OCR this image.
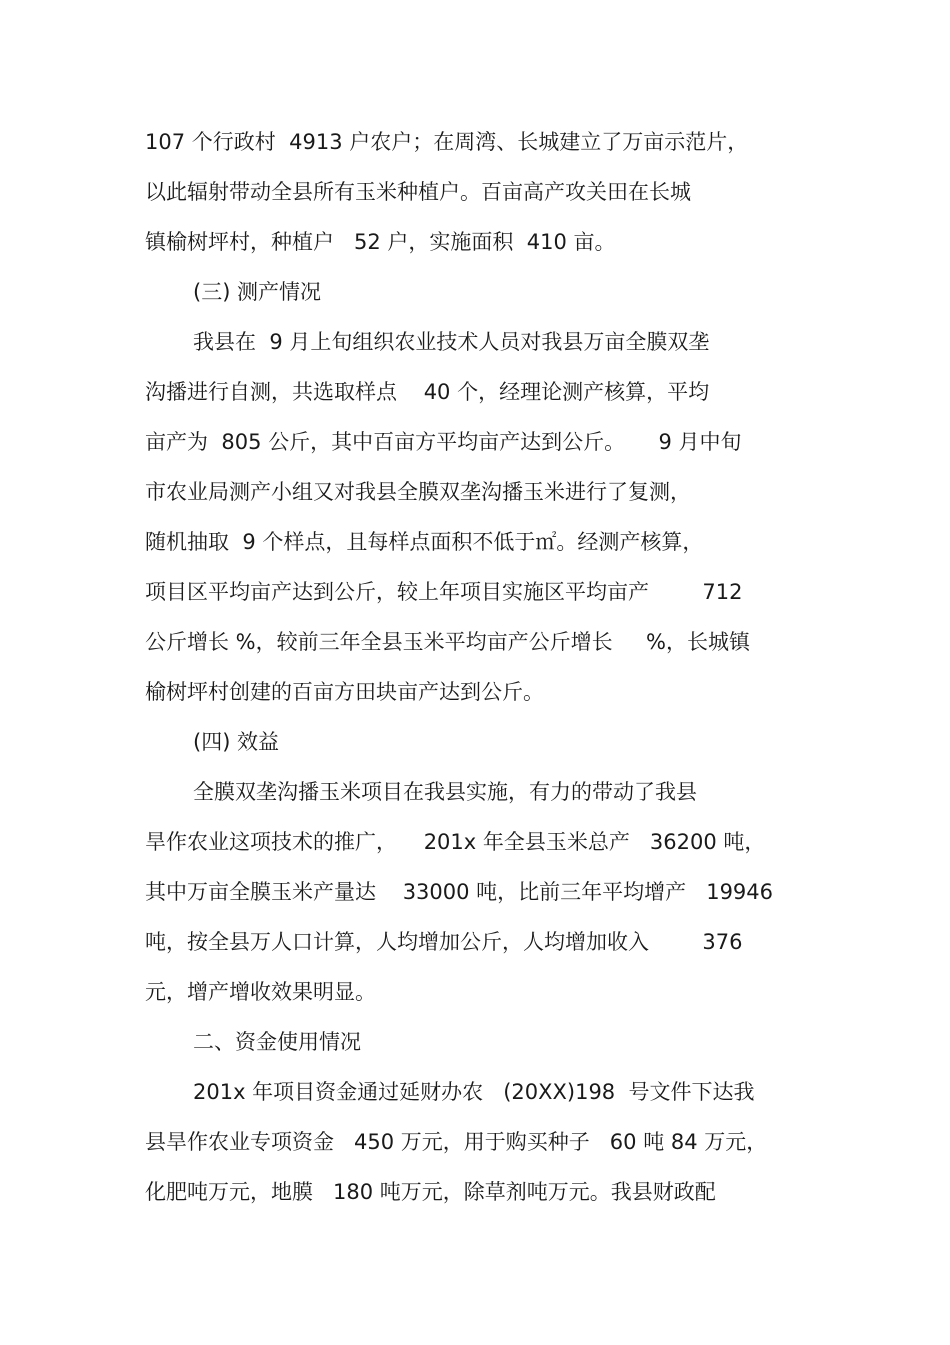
107 个行政村  4913 户农户；在周湾、长城建立了万亩示范片，

以此辐射带动全县所有玉米种植户。百亩高产攻关田在长城

镇榆树坪村，种植户   52 户，实施面积  410 亩。

(三) 测产情况

我县在  9 月上旬组织农业技术人员对我县万亩全膜双垄

沟播进行自测，共选取样点    40 个，经理论测产核算，平均

亩产为  805 公斤，其中百亩方平均亩产达到公斤。     9 月中旬

市农业局测产小组又对我县全膜双垄沟播玉米进行了复测，

随机抽取  9 个样点，且每样点面积不低于㎡。经测产核算，

项目区平均亩产达到公斤，较上年项目实施区平均亩产        712

公斤增长 %，较前三年全县玉米平均亩产公斤增长     %，长城镇

榆树坪村创建的百亩方田块亩产达到公斤。

(四) 效益

全膜双垄沟播玉米项目在我县实施，有力的带动了我县

旱作农业这项技术的推广，    201x 年全县玉米总产   36200 吨，

其中万亩全膜玉米产量达    33000 吨，比前三年平均增产   19946

吨，按全县万人口计算，人均增加公斤，人均增加收入        376

元，增产增收效果明显。

二、资金使用情况

201x 年项目资金通过延财办农   (20XX)198  号文件下达我

县旱作农业专项资金   450 万元，用于购买种子   60 吨 84 万元，

化肥吨万元，地膜   180 吨万元，除草剂吨万元。我县财政配
